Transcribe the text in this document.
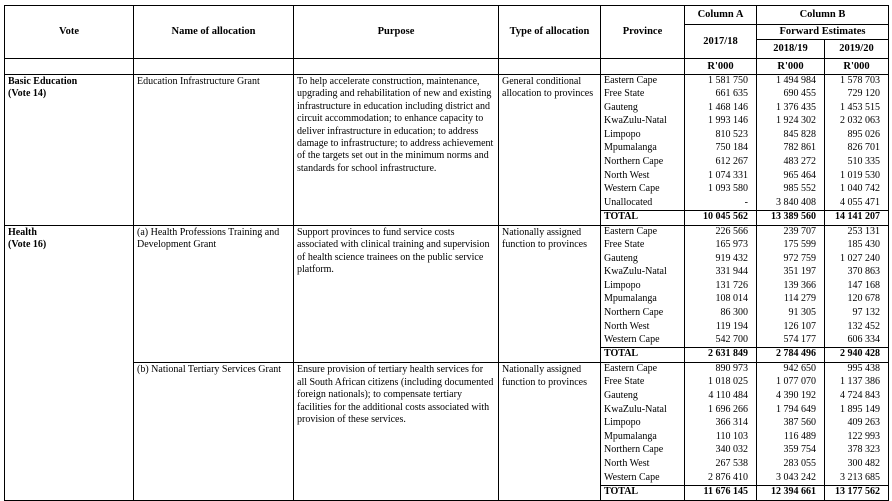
Vote	Name of allocation	Purpose	Type of allocation	Province	Column A	Column B	
					2017/18	Forward Estimates	
						2018/19	2019/20
					R'000	R'000	R'000

Basic Education
(Vote 14)	Education Infrastructure Grant	To help accelerate construction, maintenance, upgrading and rehabilitation of new and existing infrastructure in education including district and circuit accommodation; to enhance capacity to deliver infrastructure in education; to address damage to infrastructure; to address achievement of the targets set out in the minimum norms and standards for school infrastructure.	General conditional allocation to provinces	Eastern Cape	1 581 750	1 494 984	1 578 703
				Free State	661 635	690 455	729 120
				Gauteng	1 468 146	1 376 435	1 453 515
				KwaZulu-Natal	1 993 146	1 924 302	2 032 063
				Limpopo	810 523	845 828	895 026
				Mpumalanga	750 184	782 861	826 701
				Northern Cape	612 267	483 272	510 335
				North West	1 074 331	965 464	1 019 530
				Western Cape	1 093 580	985 552	1 040 742
				Unallocated	-	3 840 408	4 055 471
				TOTAL	10 045 562	13 389 560	14 141 207

Health
(Vote 16)	(a) Health Professions Training and Development Grant	Support provinces to fund service costs associated with clinical training and supervision of health science trainees on the public service platform.	Nationally assigned function to provinces	Eastern Cape	226 566	239 707	253 131
				Free State	165 973	175 599	185 430
				Gauteng	919 432	972 759	1 027 240
				KwaZulu-Natal	331 944	351 197	370 863
				Limpopo	131 726	139 366	147 168
				Mpumalanga	108 014	114 279	120 678
				Northern Cape	86 300	91 305	97 132
				North West	119 194	126 107	132 452
				Western Cape	542 700	574 177	606 334
				TOTAL	2 631 849	2 784 496	2 940 428
	(b) National Tertiary Services Grant	Ensure provision of tertiary health services for all South African citizens (including documented foreign nationals); to compensate tertiary facilities for the additional costs associated with provision of these services.	Nationally assigned function to provinces	Eastern Cape	890 973	942 650	995 438
				Free State	1 018 025	1 077 070	1 137 386
				Gauteng	4 110 484	4 390 192	4 724 843
				KwaZulu-Natal	1 696 266	1 794 649	1 895 149
				Limpopo	366 314	387 560	409 263
				Mpumalanga	110 103	116 489	122 993
				Northern Cape	340 032	359 754	378 323
				North West	267 538	283 055	300 482
				Western Cape	2 876 410	3 043 242	3 213 685
				TOTAL	11 676 145	12 394 661	13 177 562
